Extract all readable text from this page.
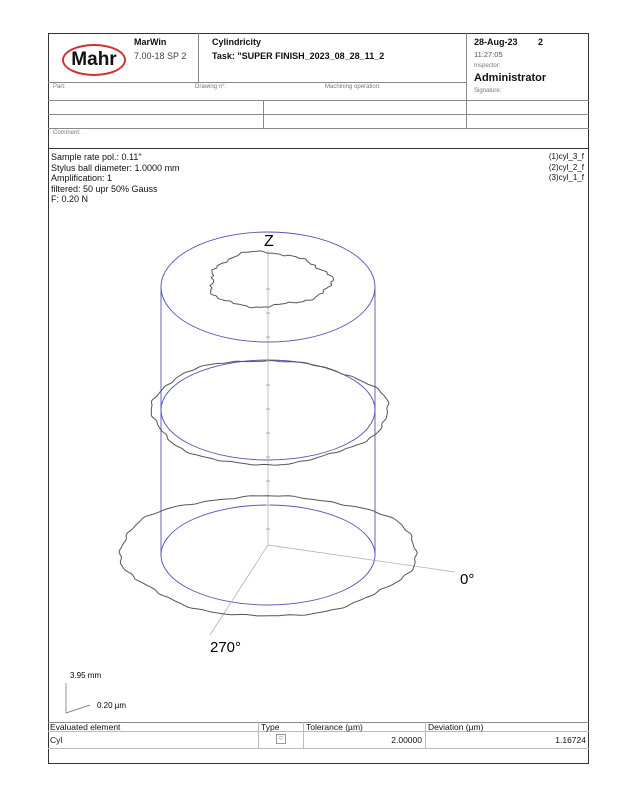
Mahr
MarWin
7.00-18 SP 2
Cylindricity
Task: "SUPER FINISH_2023_08_28_11_2
28-Aug-23 2
11:27:05
Inspector:
Administrator
Signature:
Part:	Drawing n°:	Machining operation:
Comment:
Sample rate pol.: 0.11"
Stylus ball diameter: 1.0000 mm
Amplification: 1
filtered: 50 upr 50% Gauss
F: 0.20 N
(1)cyl_3_f
(2)cyl_2_f
(3)cyl_1_f
Z
0°
270°
3.95 mm
0.20 µm
Evaluated element	Type	Tolerance (µm)	Deviation (µm)
Cyl	⌭	2.00000	1.16724
